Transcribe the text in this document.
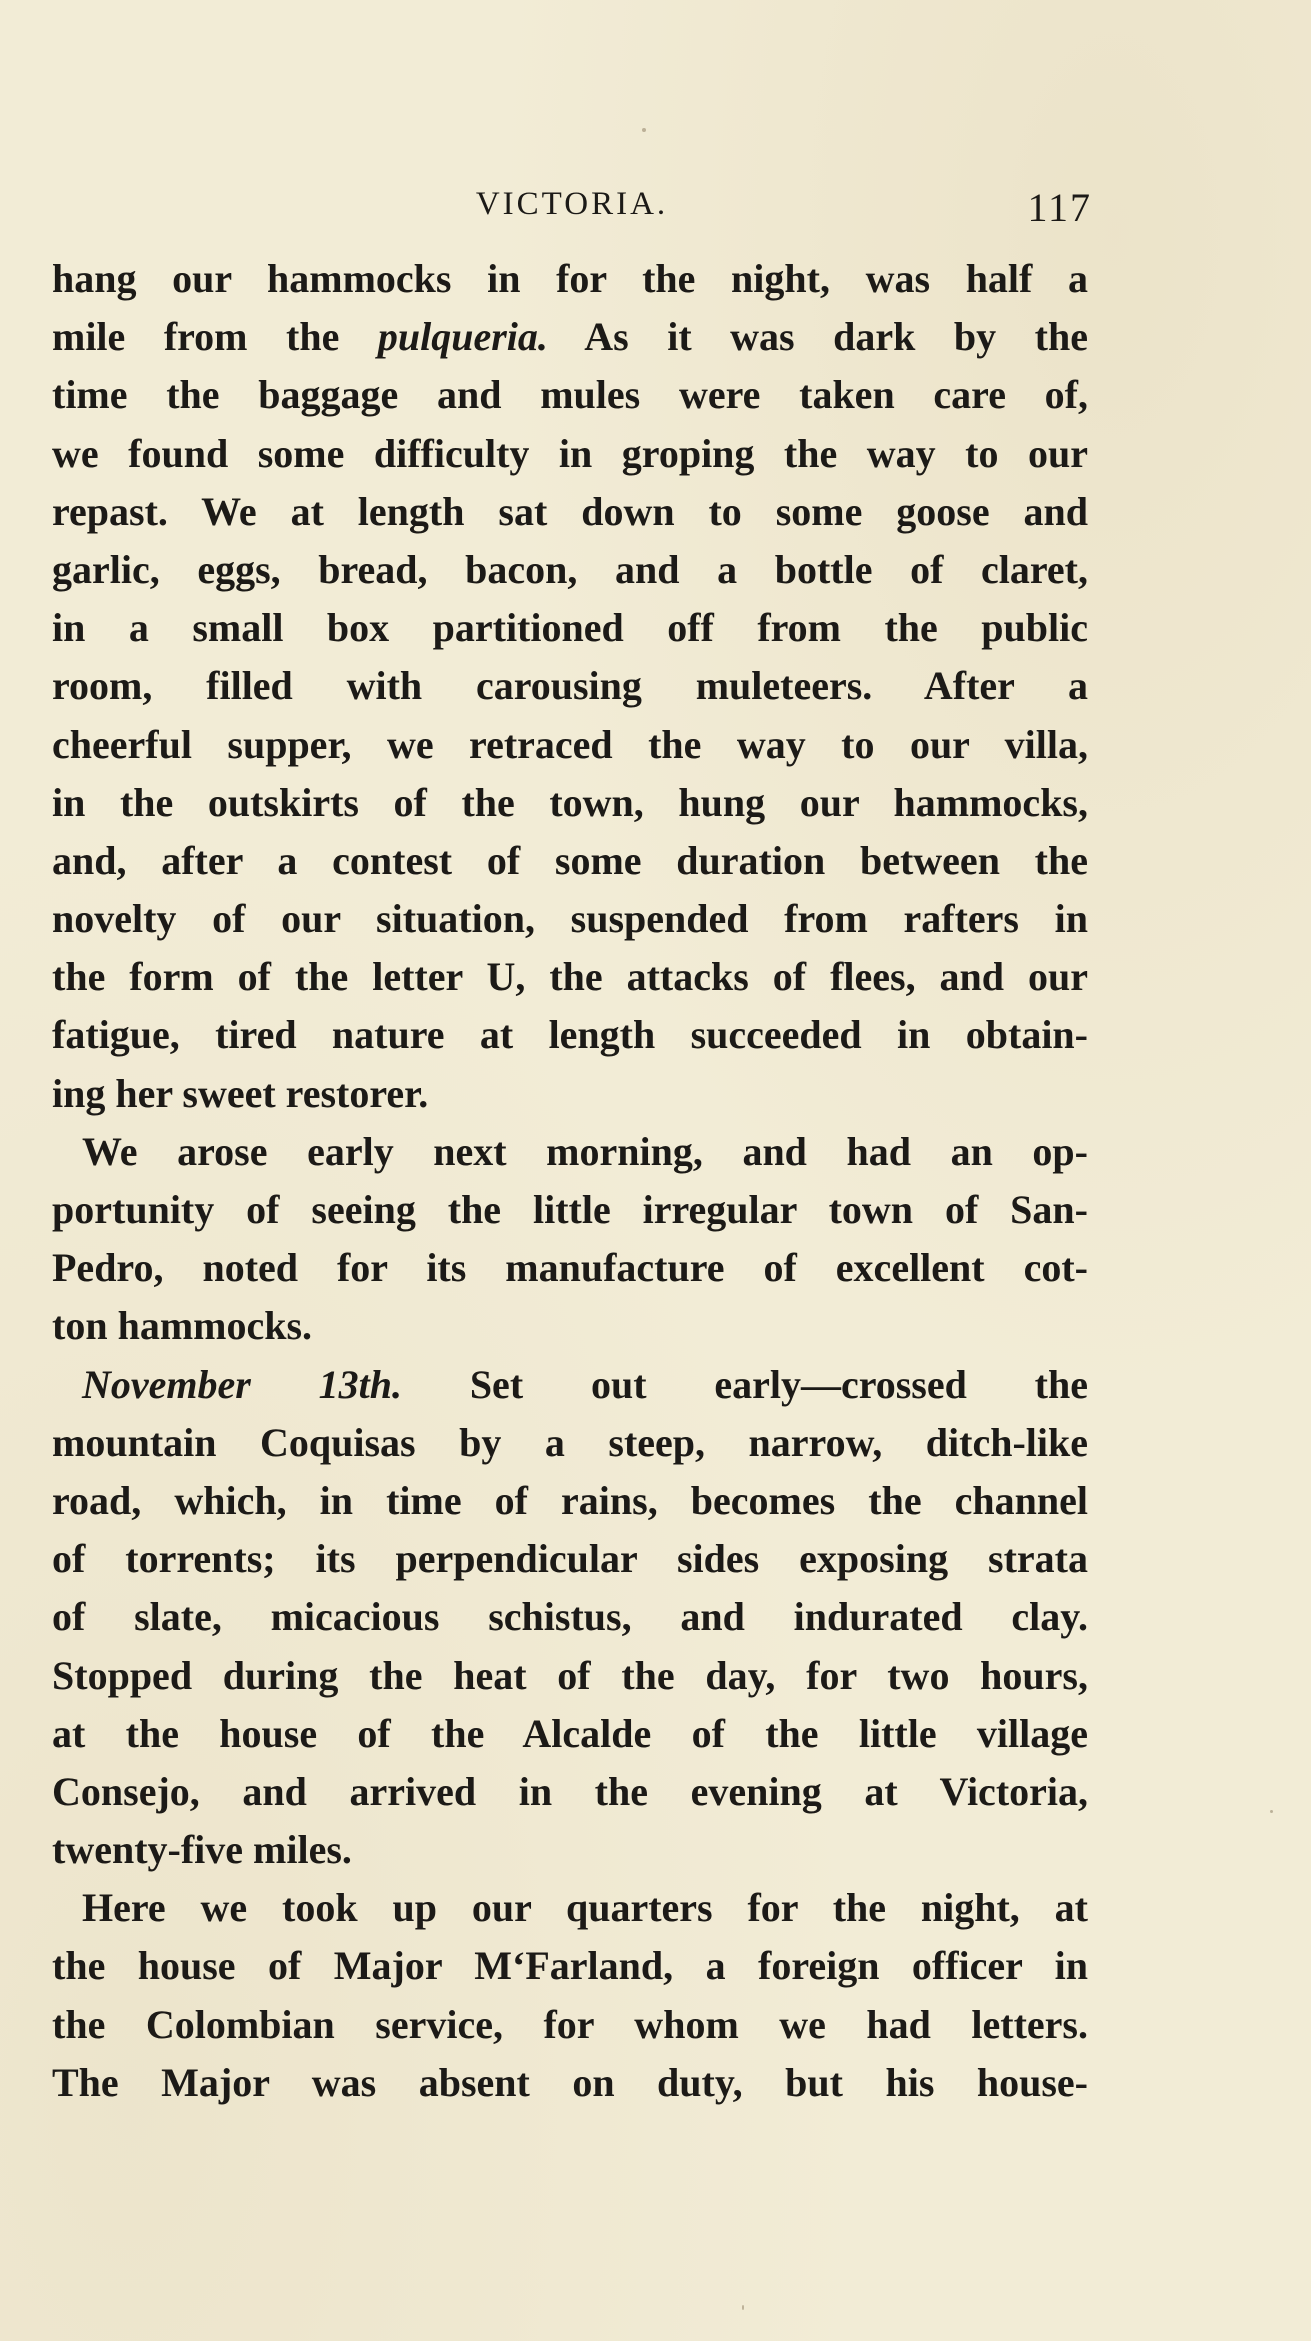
VICTORIA.	117
hang our hammocks in for the night, was half a
mile from the pulqueria. As it was dark by the
time the baggage and mules were taken care of,
we found some difficulty in groping the way to our
repast. We at length sat down to some goose and
garlic, eggs, bread, bacon, and a bottle of claret,
in a small box partitioned off from the public
room, filled with carousing muleteers. After a
cheerful supper, we retraced the way to our villa,
in the outskirts of the town, hung our hammocks,
and, after a contest of some duration between the
novelty of our situation, suspended from rafters in
the form of the letter U, the attacks of flees, and our
fatigue, tired nature at length succeeded in obtain-
ing her sweet restorer.
We arose early next morning, and had an op-
portunity of seeing the little irregular town of San-
Pedro, noted for its manufacture of excellent cot-
ton hammocks.
November 13th. Set out early—crossed the
mountain Coquisas by a steep, narrow, ditch-like
road, which, in time of rains, becomes the channel
of torrents; its perpendicular sides exposing strata
of slate, micacious schistus, and indurated clay.
Stopped during the heat of the day, for two hours,
at the house of the Alcalde of the little village
Consejo, and arrived in the evening at Victoria,
twenty-five miles.
Here we took up our quarters for the night, at
the house of Major M‘Farland, a foreign officer in
the Colombian service, for whom we had letters.
The Major was absent on duty, but his house-
